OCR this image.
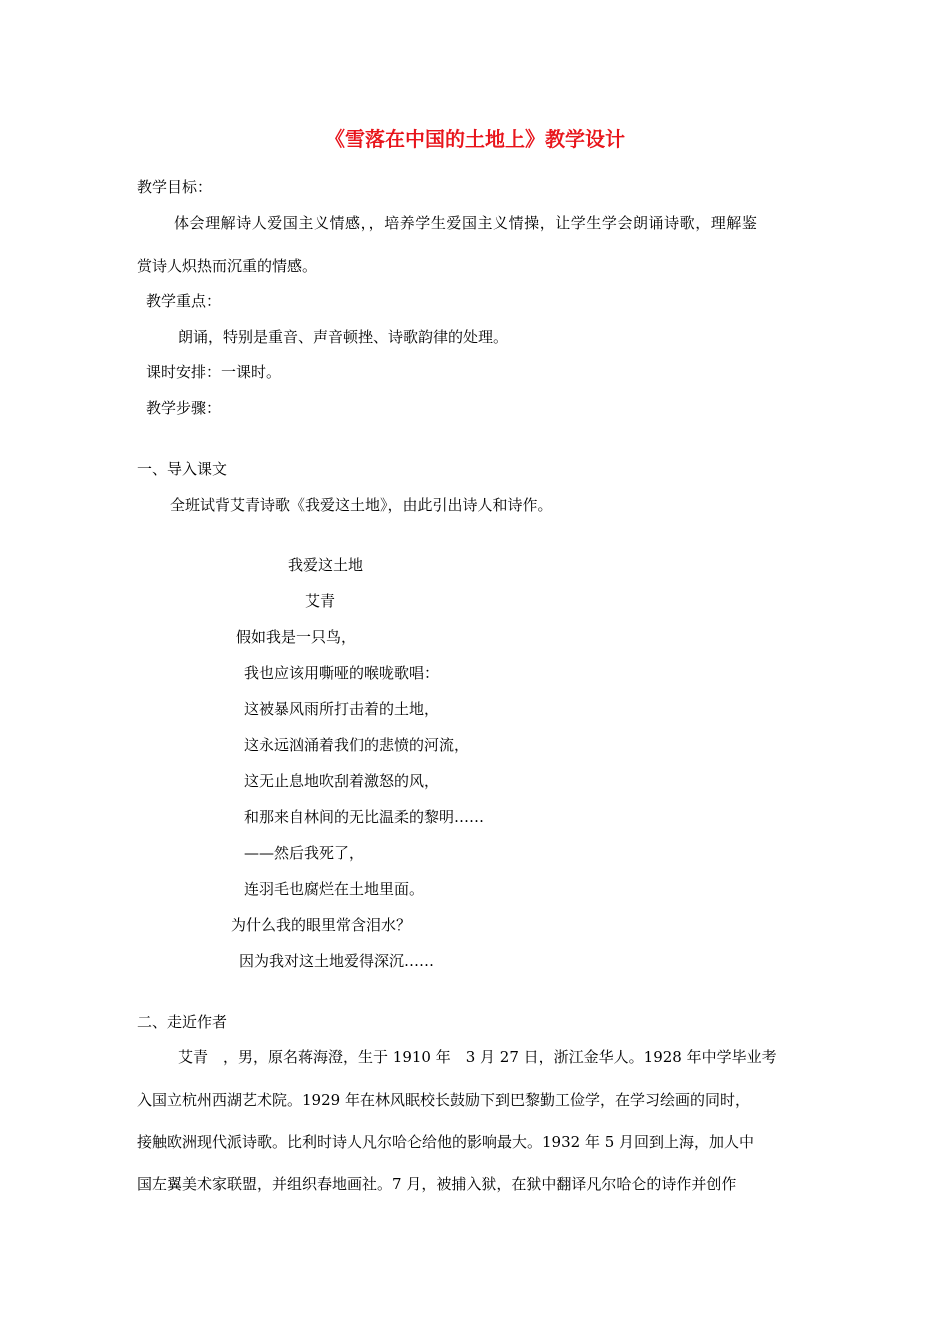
《雪落在中国的土地上》教学设计
教学目标：
体会理解诗人爱国主义情感，，培养学生爱国主义情操，让学生学会朗诵诗歌，理解鉴
赏诗人炽热而沉重的情感。
教学重点：
朗诵，特别是重音、声音顿挫、诗歌韵律的处理。
课时安排：一课时。
教学步骤：
一、导入课文
全班试背艾青诗歌《我爱这土地》，由此引出诗人和诗作。
我爱这土地
艾青
假如我是一只鸟，
我也应该用嘶哑的喉咙歌唱：
这被暴风雨所打击着的土地，
这永远汹涌着我们的悲愤的河流，
这无止息地吹刮着激怒的风，
和那来自林间的无比温柔的黎明……
——然后我死了，
连羽毛也腐烂在土地里面。
为什么我的眼里常含泪水？
因为我对这土地爱得深沉……
二、走近作者
艾青　，男，原名蒋海澄，生于 1910 年　3 月 27 日，浙江金华人。1928 年中学毕业考
入国立杭州西湖艺术院。1929 年在林风眠校长鼓励下到巴黎勤工俭学，在学习绘画的同时，
接触欧洲现代派诗歌。比利时诗人凡尔哈仑给他的影响最大。1932 年 5 月回到上海，加人中
国左翼美术家联盟，并组织春地画社。7 月，被捕入狱，在狱中翻译凡尔哈仑的诗作并创作
